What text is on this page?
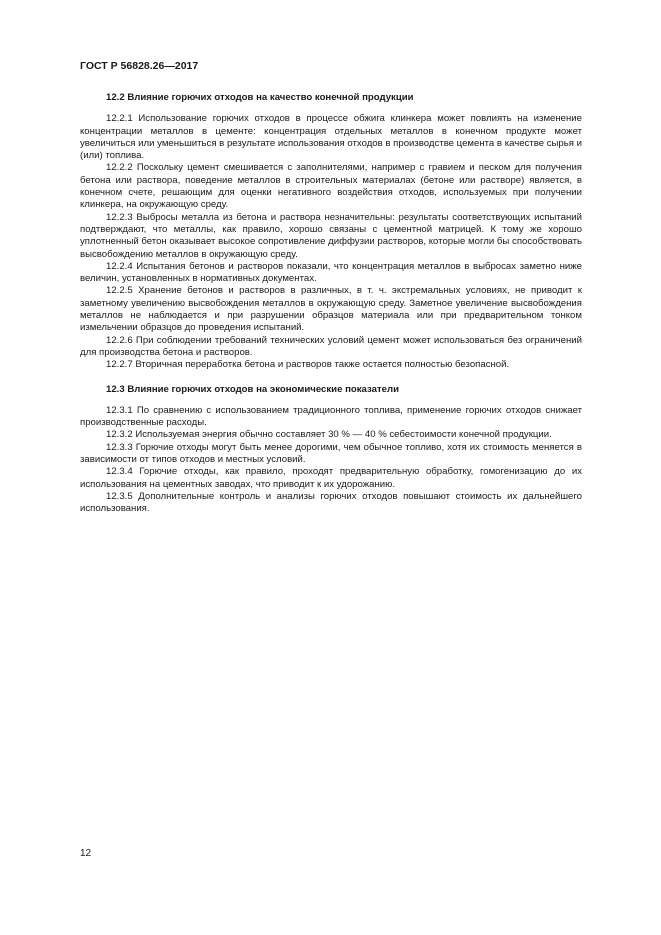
ГОСТ Р 56828.26—2017

12.2 Влияние горючих отходов на качество конечной продукции

12.2.1 Использование горючих отходов в процессе обжига клинкера может повлиять на изменение концентрации металлов в цементе: концентрация отдельных металлов в конечном продукте может увеличиться или уменьшиться в результате использования отходов в производстве цемента в качестве сырья и (или) топлива.

12.2.2 Поскольку цемент смешивается с заполнителями, например с гравием и песком для получения бетона или раствора, поведение металлов в строительных материалах (бетоне или растворе) является, в конечном счете, решающим для оценки негативного воздействия отходов, используемых при получении клинкера, на окружающую среду.

12.2.3 Выбросы металла из бетона и раствора незначительны: результаты соответствующих испытаний подтверждают, что металлы, как правило, хорошо связаны с цементной матрицей. К тому же хорошо уплотненный бетон оказывает высокое сопротивление диффузии растворов, которые могли бы способствовать высвобождению металлов в окружающую среду.

12.2.4 Испытания бетонов и растворов показали, что концентрация металлов в выбросах заметно ниже величин, установленных в нормативных документах.

12.2.5 Хранение бетонов и растворов в различных, в т. ч. экстремальных условиях, не приводит к заметному увеличению высвобождения металлов в окружающую среду. Заметное увеличение высвобождения металлов не наблюдается и при разрушении образцов материала или при предварительном тонком измельчении образцов до проведения испытаний.

12.2.6 При соблюдении требований технических условий цемент может использоваться без ограничений для производства бетона и растворов.

12.2.7 Вторичная переработка бетона и растворов также остается полностью безопасной.

12.3 Влияние горючих отходов на экономические показатели

12.3.1 По сравнению с использованием традиционного топлива, применение горючих отходов снижает производственные расходы.

12.3.2 Используемая энергия обычно составляет 30 % — 40 % себестоимости конечной продукции.

12.3.3 Горючие отходы могут быть менее дорогими, чем обычное топливо, хотя их стоимость меняется в зависимости от типов отходов и местных условий.

12.3.4 Горючие отходы, как правило, проходят предварительную обработку, гомогенизацию до их использования на цементных заводах, что приводит к их удорожанию.

12.3.5 Дополнительные контроль и анализы горючих отходов повышают стоимость их дальнейшего использования.

12
